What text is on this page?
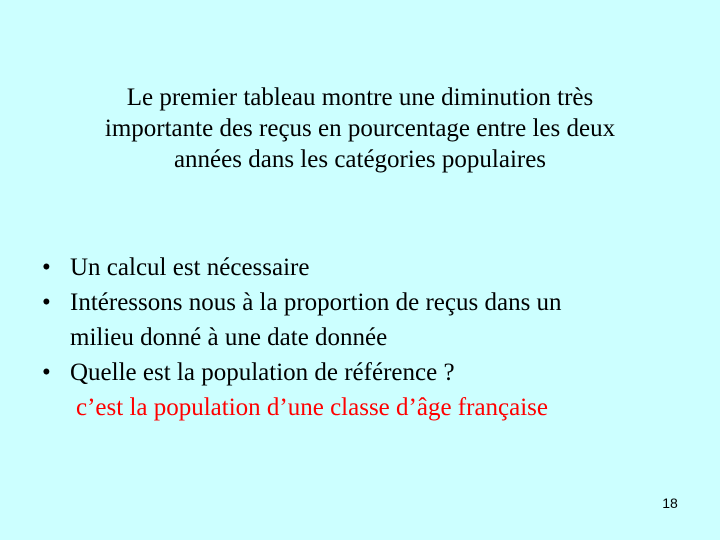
Le premier tableau montre une diminution très
importante des reçus en pourcentage entre les deux
années dans les catégories populaires
• Un calcul est nécessaire
• Intéressons nous à la proportion de reçus dans un
milieu donné à une date donnée
• Quelle est la population de référence ?
c’est la population d’une classe d’âge française
18
